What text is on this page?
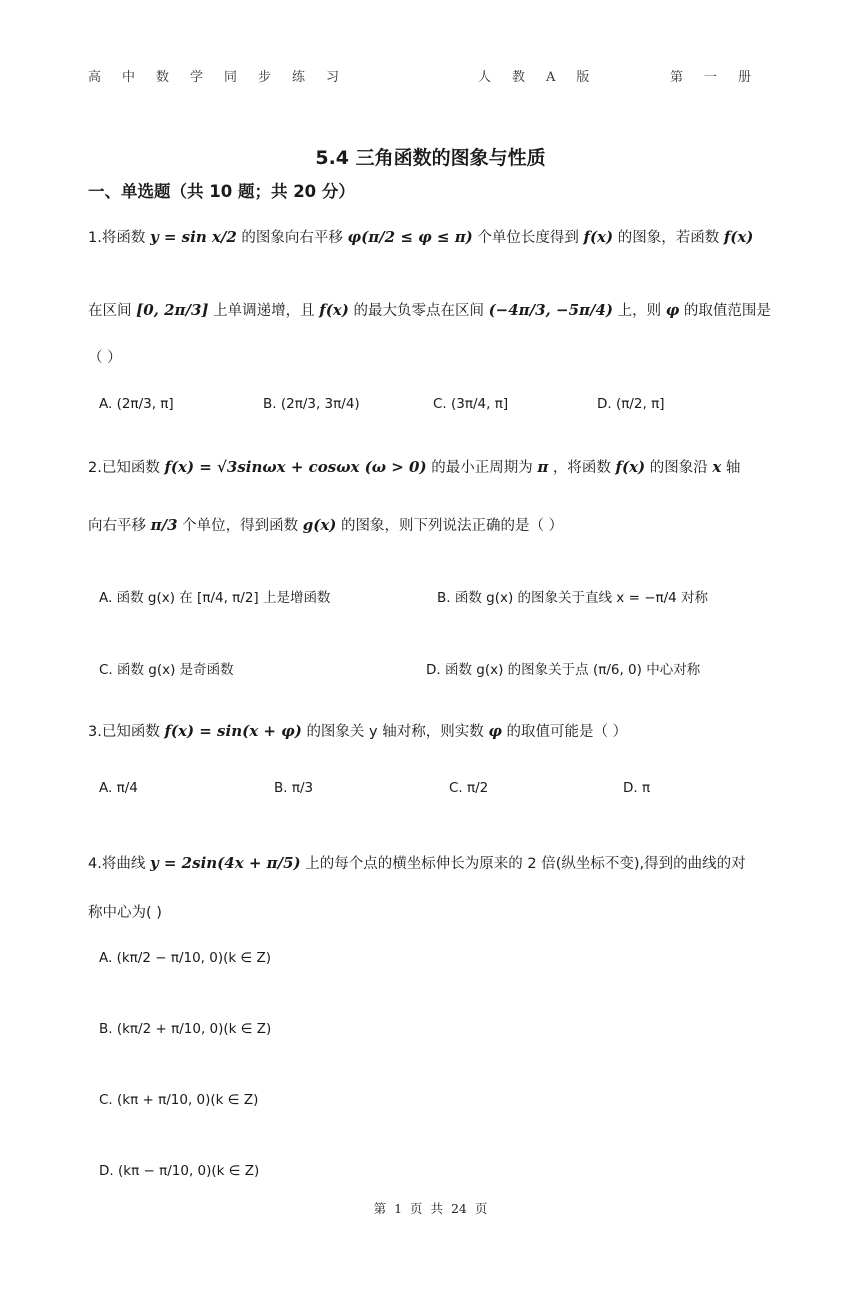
高中数学同步练习	人教A版	第一册
5.4 三角函数的图象与性质
一、单选题（共 10 题；共 20 分）
1.将函数 y = sin x/2 的图象向右平移 φ(π/2 ≤ φ ≤ π) 个单位长度得到 f(x) 的图象，若函数 f(x)
在区间 [0, 2π/3] 上单调递增，且 f(x) 的最大负零点在区间 (−4π/3, −5π/4) 上，则 φ 的取值范围是
（ ）
A. (2π/3, π]	B. (2π/3, 3π/4)	C. (3π/4, π]	D. (π/2, π]
2.已知函数 f(x) = √3sinωx + cosωx (ω > 0) 的最小正周期为 π ，将函数 f(x) 的图象沿 x 轴
向右平移 π/3 个单位，得到函数 g(x) 的图象，则下列说法正确的是（ ）
A. 函数 g(x) 在 [π/4, π/2] 上是增函数	B. 函数 g(x) 的图象关于直线 x = −π/4 对称
C. 函数 g(x) 是奇函数	D. 函数 g(x) 的图象关于点 (π/6, 0) 中心对称
3.已知函数 f(x) = sin(x + φ) 的图象关 y 轴对称，则实数 φ 的取值可能是（ ）
A. π/4	B. π/3	C. π/2	D. π
4.将曲线 y = 2sin(4x + π/5) 上的每个点的横坐标伸长为原来的 2 倍(纵坐标不变),得到的曲线的对
称中心为( )
A. (kπ/2 − π/10, 0)(k ∈ Z)
B. (kπ/2 + π/10, 0)(k ∈ Z)
C. (kπ + π/10, 0)(k ∈ Z)
D. (kπ − π/10, 0)(k ∈ Z)
第 1 页 共 24 页
